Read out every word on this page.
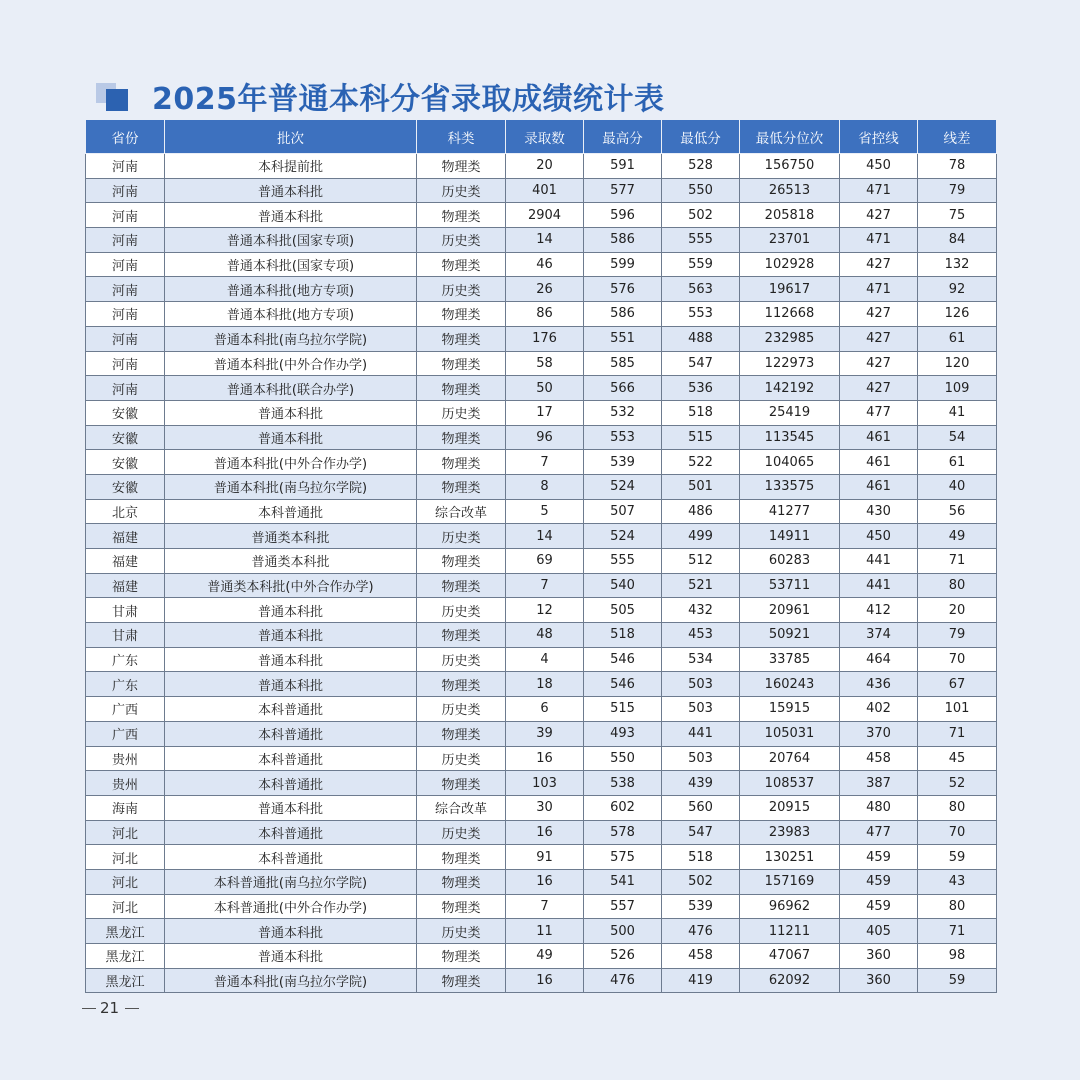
2025年普通本科分省录取成绩统计表
省份	批次	科类	录取数	最高分	最低分	最低分位次	省控线	线差
河南	本科提前批	物理类	20	591	528	156750	450	78
河南	普通本科批	历史类	401	577	550	26513	471	79
河南	普通本科批	物理类	2904	596	502	205818	427	75
河南	普通本科批(国家专项)	历史类	14	586	555	23701	471	84
河南	普通本科批(国家专项)	物理类	46	599	559	102928	427	132
河南	普通本科批(地方专项)	历史类	26	576	563	19617	471	92
河南	普通本科批(地方专项)	物理类	86	586	553	112668	427	126
河南	普通本科批(南乌拉尔学院)	物理类	176	551	488	232985	427	61
河南	普通本科批(中外合作办学)	物理类	58	585	547	122973	427	120
河南	普通本科批(联合办学)	物理类	50	566	536	142192	427	109
安徽	普通本科批	历史类	17	532	518	25419	477	41
安徽	普通本科批	物理类	96	553	515	113545	461	54
安徽	普通本科批(中外合作办学)	物理类	7	539	522	104065	461	61
安徽	普通本科批(南乌拉尔学院)	物理类	8	524	501	133575	461	40
北京	本科普通批	综合改革	5	507	486	41277	430	56
福建	普通类本科批	历史类	14	524	499	14911	450	49
福建	普通类本科批	物理类	69	555	512	60283	441	71
福建	普通类本科批(中外合作办学)	物理类	7	540	521	53711	441	80
甘肃	普通本科批	历史类	12	505	432	20961	412	20
甘肃	普通本科批	物理类	48	518	453	50921	374	79
广东	普通本科批	历史类	4	546	534	33785	464	70
广东	普通本科批	物理类	18	546	503	160243	436	67
广西	本科普通批	历史类	6	515	503	15915	402	101
广西	本科普通批	物理类	39	493	441	105031	370	71
贵州	本科普通批	历史类	16	550	503	20764	458	45
贵州	本科普通批	物理类	103	538	439	108537	387	52
海南	普通本科批	综合改革	30	602	560	20915	480	80
河北	本科普通批	历史类	16	578	547	23983	477	70
河北	本科普通批	物理类	91	575	518	130251	459	59
河北	本科普通批(南乌拉尔学院)	物理类	16	541	502	157169	459	43
河北	本科普通批(中外合作办学)	物理类	7	557	539	96962	459	80
黑龙江	普通本科批	历史类	11	500	476	11211	405	71
黑龙江	普通本科批	物理类	49	526	458	47067	360	98
黑龙江	普通本科批(南乌拉尔学院)	物理类	16	476	419	62092	360	59
21
